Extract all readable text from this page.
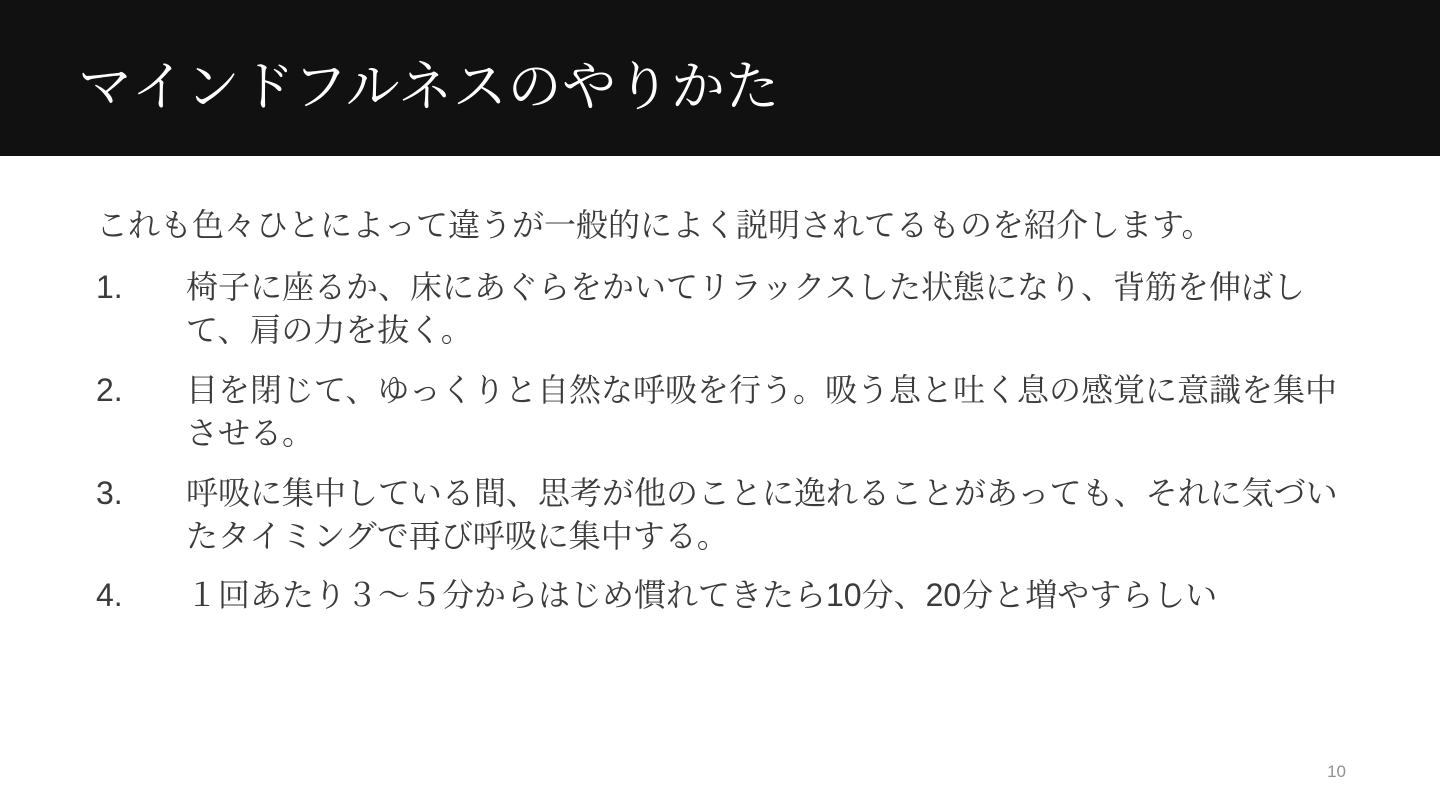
マインドフルネスのやりかた
これも色々ひとによって違うが一般的によく説明されてるものを紹介します。
1.	椅子に座るか、床にあぐらをかいてリラックスした状態になり、背筋を伸ばして、肩の力を抜く。
2.	目を閉じて、ゆっくりと自然な呼吸を行う。吸う息と吐く息の感覚に意識を集中させる。
3.	呼吸に集中している間、思考が他のことに逸れることがあっても、それに気づいたタイミングで再び呼吸に集中する。
4.	１回あたり３〜５分からはじめ慣れてきたら10分、20分と増やすらしい
10
